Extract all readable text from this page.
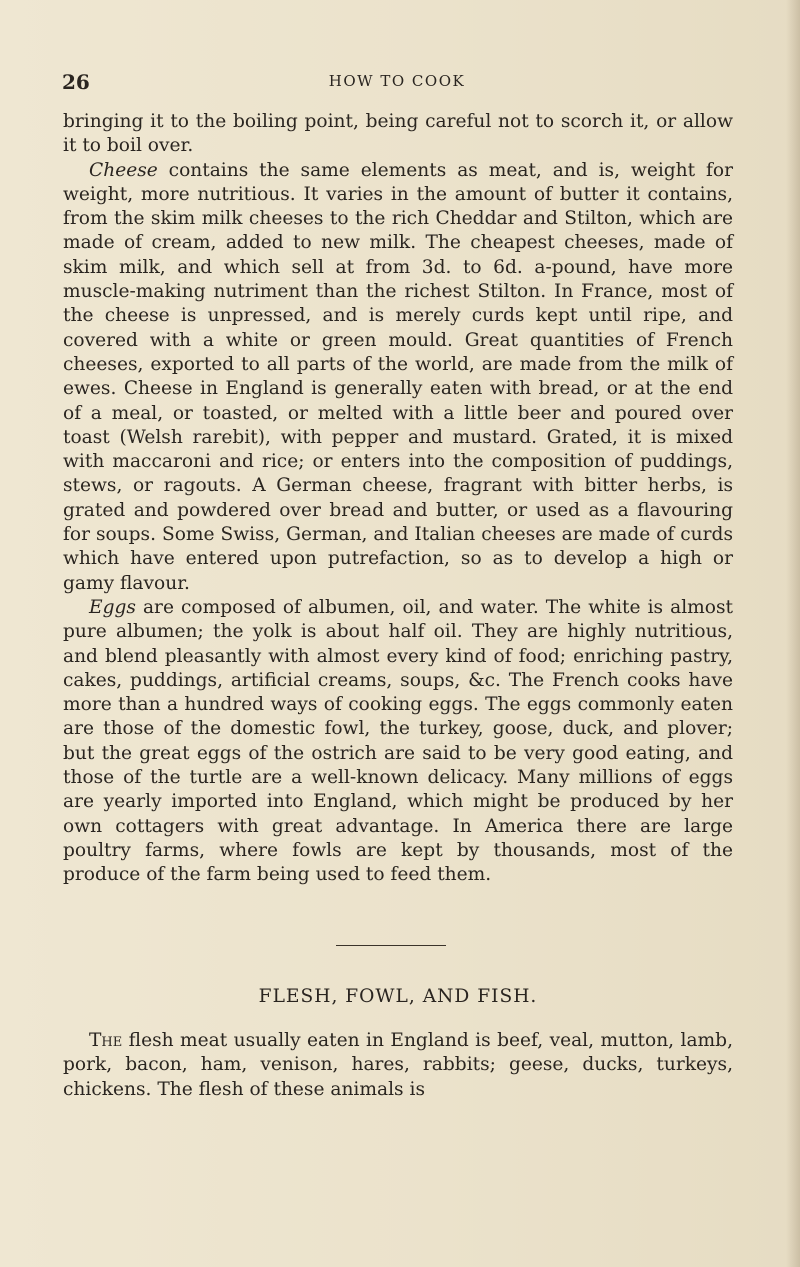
26	HOW TO COOK

bringing it to the boiling point, being careful not to scorch it, or allow it to boil over.

Cheese contains the same elements as meat, and is, weight for weight, more nutritious. It varies in the amount of butter it contains, from the skim milk cheeses to the rich Cheddar and Stilton, which are made of cream, added to new milk. The cheapest cheeses, made of skim milk, and which sell at from 3d. to 6d. a-pound, have more muscle-making nutriment than the richest Stilton. In France, most of the cheese is unpressed, and is merely curds kept until ripe, and covered with a white or green mould. Great quantities of French cheeses, exported to all parts of the world, are made from the milk of ewes. Cheese in England is generally eaten with bread, or at the end of a meal, or toasted, or melted with a little beer and poured over toast (Welsh rarebit), with pepper and mustard. Grated, it is mixed with maccaroni and rice; or enters into the composition of puddings, stews, or ragouts. A German cheese, fragrant with bitter herbs, is grated and powdered over bread and butter, or used as a flavouring for soups. Some Swiss, German, and Italian cheeses are made of curds which have entered upon putrefaction, so as to develop a high or gamy flavour.

Eggs are composed of albumen, oil, and water. The white is almost pure albumen; the yolk is about half oil. They are highly nutritious, and blend pleasantly with almost every kind of food; enriching pastry, cakes, puddings, artificial creams, soups, &c. The French cooks have more than a hundred ways of cooking eggs. The eggs commonly eaten are those of the domestic fowl, the turkey, goose, duck, and plover; but the great eggs of the ostrich are said to be very good eating, and those of the turtle are a well-known delicacy. Many millions of eggs are yearly imported into England, which might be produced by her own cottagers with great advantage. In America there are large poultry farms, where fowls are kept by thousands, most of the produce of the farm being used to feed them.

FLESH, FOWL, AND FISH.

The flesh meat usually eaten in England is beef, veal, mutton, lamb, pork, bacon, ham, venison, hares, rabbits; geese, ducks, turkeys, chickens. The flesh of these animals is
